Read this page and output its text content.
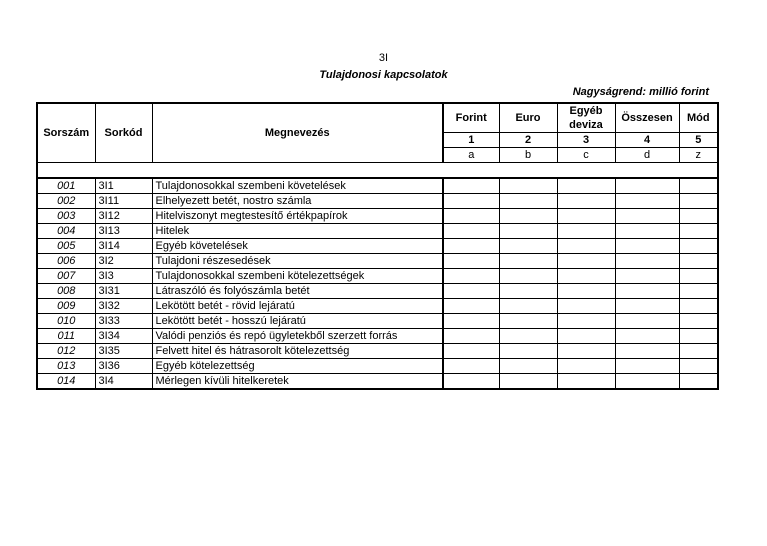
3I
Tulajdonosi kapcsolatok
Nagyságrend: millió forint
Sorszám	Sorkód	Megnevezés	Forint	Euro	Egyéb deviza	Összesen	Mód
			1	2	3	4	5
			a	b	c	d	z

001	3I1	Tulajdonosokkal szembeni követelések					
002	3I11	Elhelyezett betét, nostro számla					
003	3I12	Hitelviszonyt megtestesítő értékpapírok					
004	3I13	Hitelek					
005	3I14	Egyéb követelések					
006	3I2	Tulajdoni részesedések					
007	3I3	Tulajdonosokkal szembeni kötelezettségek					
008	3I31	Látraszóló és folyószámla betét					
009	3I32	Lekötött betét - rövid lejáratú					
010	3I33	Lekötött betét - hosszú lejáratú					
011	3I34	Valódi penziós és repó ügyletekből szerzett forrás					
012	3I35	Felvett hitel és hátrasorolt kötelezettség					
013	3I36	Egyéb kötelezettség					
014	3I4	Mérlegen kívüli hitelkeretek					
